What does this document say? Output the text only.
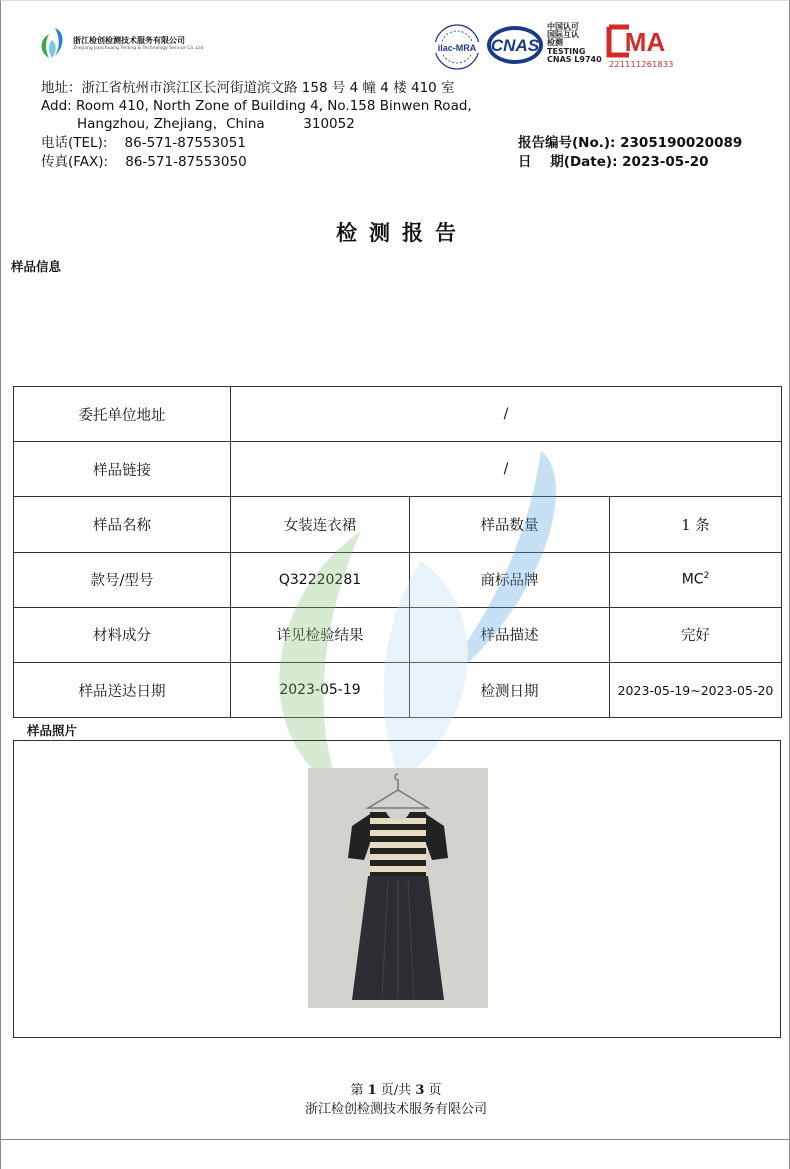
浙江检创检测技术服务有限公司
Zhejiang Jianchuang Testing & Technology Service Co.,Ltd	ilac-MRA CNAS
中国认可
国际互认
检测
TESTING
CNAS L9740
MA
221111261833
地址：浙江省杭州市滨江区长河街道滨文路 158 号 4 幢 4 楼 410 室
Add: Room 410, North Zone of Building 4, No.158 Binwen Road,
Hangzhou, Zhejiang，China         310052
电话(TEL):    86-571-87553051
传真(FAX):    86-571-87553050
报告编号(No.): 2305190020089
日    期(Date): 2023-05-20
检测报告
样品信息
委托单位地址	/		
样品链接	/		
样品名称	女装连衣裙	样品数量	1 条
款号/型号	Q32220281	商标品牌	$MC^2$
材料成分	详见检验结果	样品描述	完好
样品送达日期	2023-05-19	检测日期	2023-05-19~2023-05-20
样品照片
第 1 页/共 3 页
浙江检创检测技术服务有限公司
